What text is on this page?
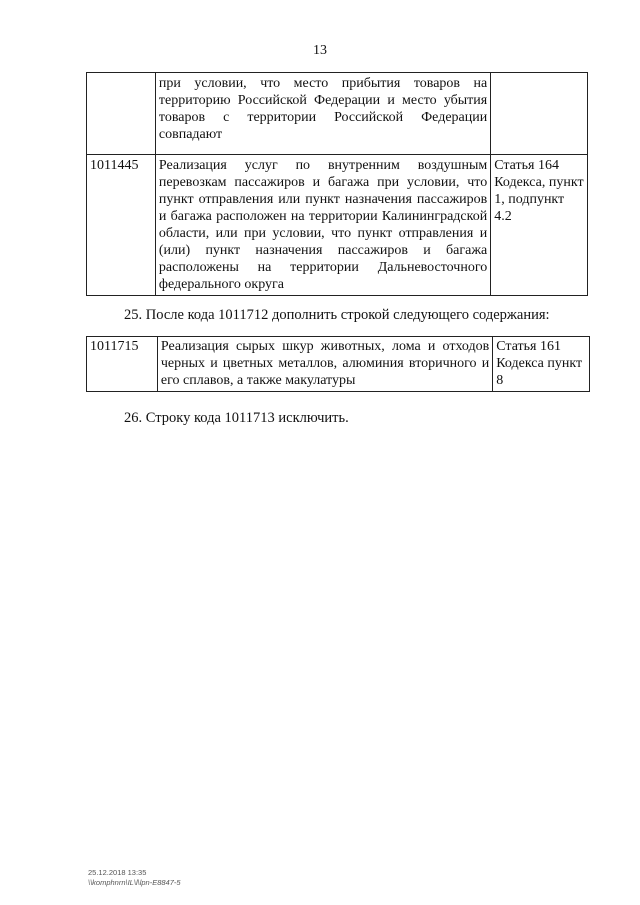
13
	при условии, что место прибытия товаров на территорию Российской Федерации и место убытия товаров с территории Российской Федерации совпадают	
1011445	Реализация услуг по внутренним воздушным перевозкам пассажиров и багажа при условии, что пункт отправления или пункт назначения пассажиров и багажа расположен на территории Калининградской области, или при условии, что пункт отправления и (или) пункт назначения пассажиров и багажа расположены на территории Дальневосточного федерального округа	Статья 164 Кодекса, пункт 1, подпункт 4.2
25. После кода 1011712 дополнить строкой следующего содержания:
1011715	Реализация сырых шкур животных, лома и отходов черных и цветных металлов, алюминия вторичного и его сплавов, а также макулатуры	Статья 161 Кодекса пункт 8
26. Строку кода 1011713 исключить.
25.12.2018 13:35
\\komphnrn\IL\l\lpn-E8847-5
